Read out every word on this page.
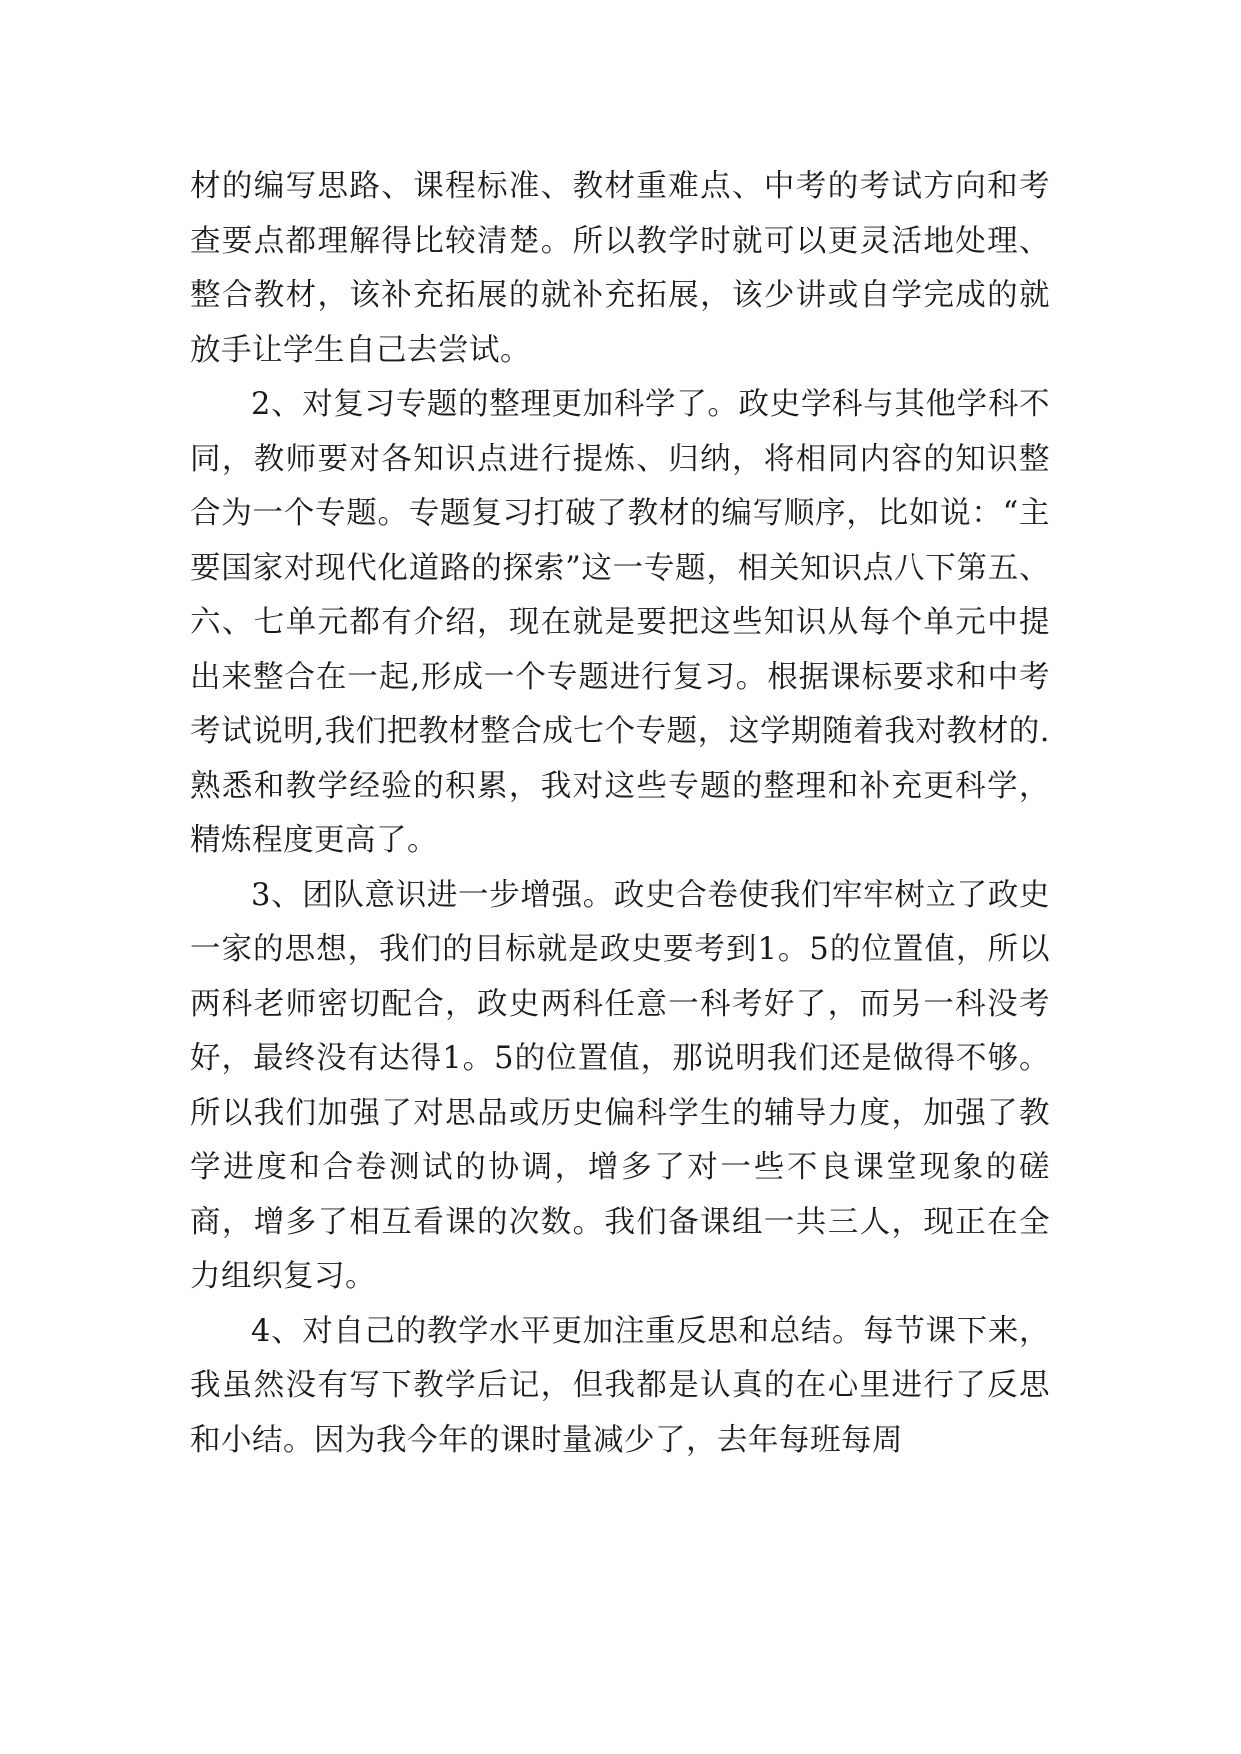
材的编写思路、课程标准、教材重难点、中考的考试方向和考查要点都理解得比较清楚。所以教学时就可以更灵活地处理、整合教材，该补充拓展的就补充拓展，该少讲或自学完成的就放手让学生自己去尝试。

2、对复习专题的整理更加科学了。政史学科与其他学科不同，教师要对各知识点进行提炼、归纳，将相同内容的知识整合为一个专题。专题复习打破了教材的编写顺序，比如说：“主要国家对现代化道路的探索”这一专题，相关知识点八下第五、六、七单元都有介绍，现在就是要把这些知识从每个单元中提出来整合在一起,形成一个专题进行复习。根据课标要求和中考考试说明,我们把教材整合成七个专题，这学期随着我对教材的.熟悉和教学经验的积累，我对这些专题的整理和补充更科学，精炼程度更高了。

3、团队意识进一步增强。政史合卷使我们牢牢树立了政史一家的思想，我们的目标就是政史要考到1。5的位置值，所以两科老师密切配合，政史两科任意一科考好了，而另一科没考好，最终没有达得1。5的位置值，那说明我们还是做得不够。所以我们加强了对思品或历史偏科学生的辅导力度，加强了教学进度和合卷测试的协调，增多了对一些不良课堂现象的磋商，增多了相互看课的次数。我们备课组一共三人，现正在全力组织复习。

4、对自己的教学水平更加注重反思和总结。每节课下来，我虽然没有写下教学后记，但我都是认真的在心里进行了反思和小结。因为我今年的课时量减少了，去年每班每周
